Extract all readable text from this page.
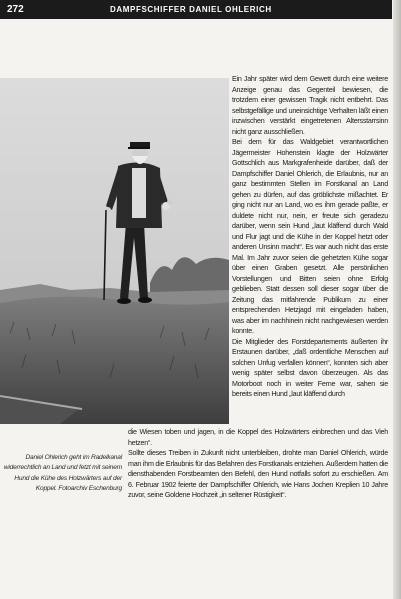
272	DAMPFSCHIFFER DANIEL OHLERICH

Ein Jahr später wird dem Gewett durch eine weitere Anzeige genau das Gegenteil bewiesen, die trotzdem einer gewissen Tragik nicht entbehrt. Das selbstgefällige und uneinsichtige Verhalten läßt einen inzwischen verstärkt eingetretenen Altersstarrsinn nicht ganz ausschließen.

Bei dem für das Waldgebiet verantwortlichen Jägermeister Hohenstein klagte der Holzwärter Gottschlich aus Markgrafenheide darüber, daß der Dampfschiffer Daniel Ohlerich, die Erlaubnis, nur an ganz bestimmten Stellen im Forstkanal an Land gehen zu dürfen, auf das gröblichste mißachtet. Er ging nicht nur an Land, wo es ihm gerade paßte, er duldete nicht nur, nein, er freute sich geradezu darüber, wenn sein Hund „laut kläffend durch Wald und Flur jagt und die Kühe in der Koppel hetzt oder anderen Unsinn macht“. Es war auch nicht das erste Mal. Im Jahr zuvor seien die gehetzten Kühe sogar über einen Graben gesetzt. Alle persönlichen Vorstellungen und Bitten seien ohne Erfolg geblieben. Statt dessen soll dieser sogar über die Zeitung das mitfahrende Publikum zu einer entsprechenden Hetzjagd mit eingeladen haben, was aber im nachhinein nicht nachgewiesen werden konnte.

Die Mitglieder des Forstdepartements äußerten ihr Erstaunen darüber, „daß ordentliche Menschen auf solchen Unfug verfallen können“, konnten sich aber wenig später selbst davon überzeugen. Als das Motorboot noch in weiter Ferne war, sahen sie bereits einen Hund „laut kläffend durch

Daniel Ohlerich geht im Radelkanal widerrechtlich an Land und fetzt mit seinem Hund die Kühe des Holzwärters auf der Koppel. Fotoarchiv Eschenburg

die Wiesen toben und jagen, in die Koppel des Holzwärters einbrechen und das Vieh hetzen“.

Sollte dieses Treiben in Zukunft nicht unterbleiben, drohte man Daniel Ohlerich, würde man ihm die Erlaubnis für das Befahren des Forstkanals entziehen. Außerdem hatten die diensthabenden Forstbeamten den Befehl, den Hund notfalls sofort zu erschießen. Am 6. Februar 1902 feierte der Dampfschiffer Ohlerich, wie Hans Jochen Kreplien 10 Jahre zuvor, seine Goldene Hochzeit „in seltener Rüstigkeit“.
